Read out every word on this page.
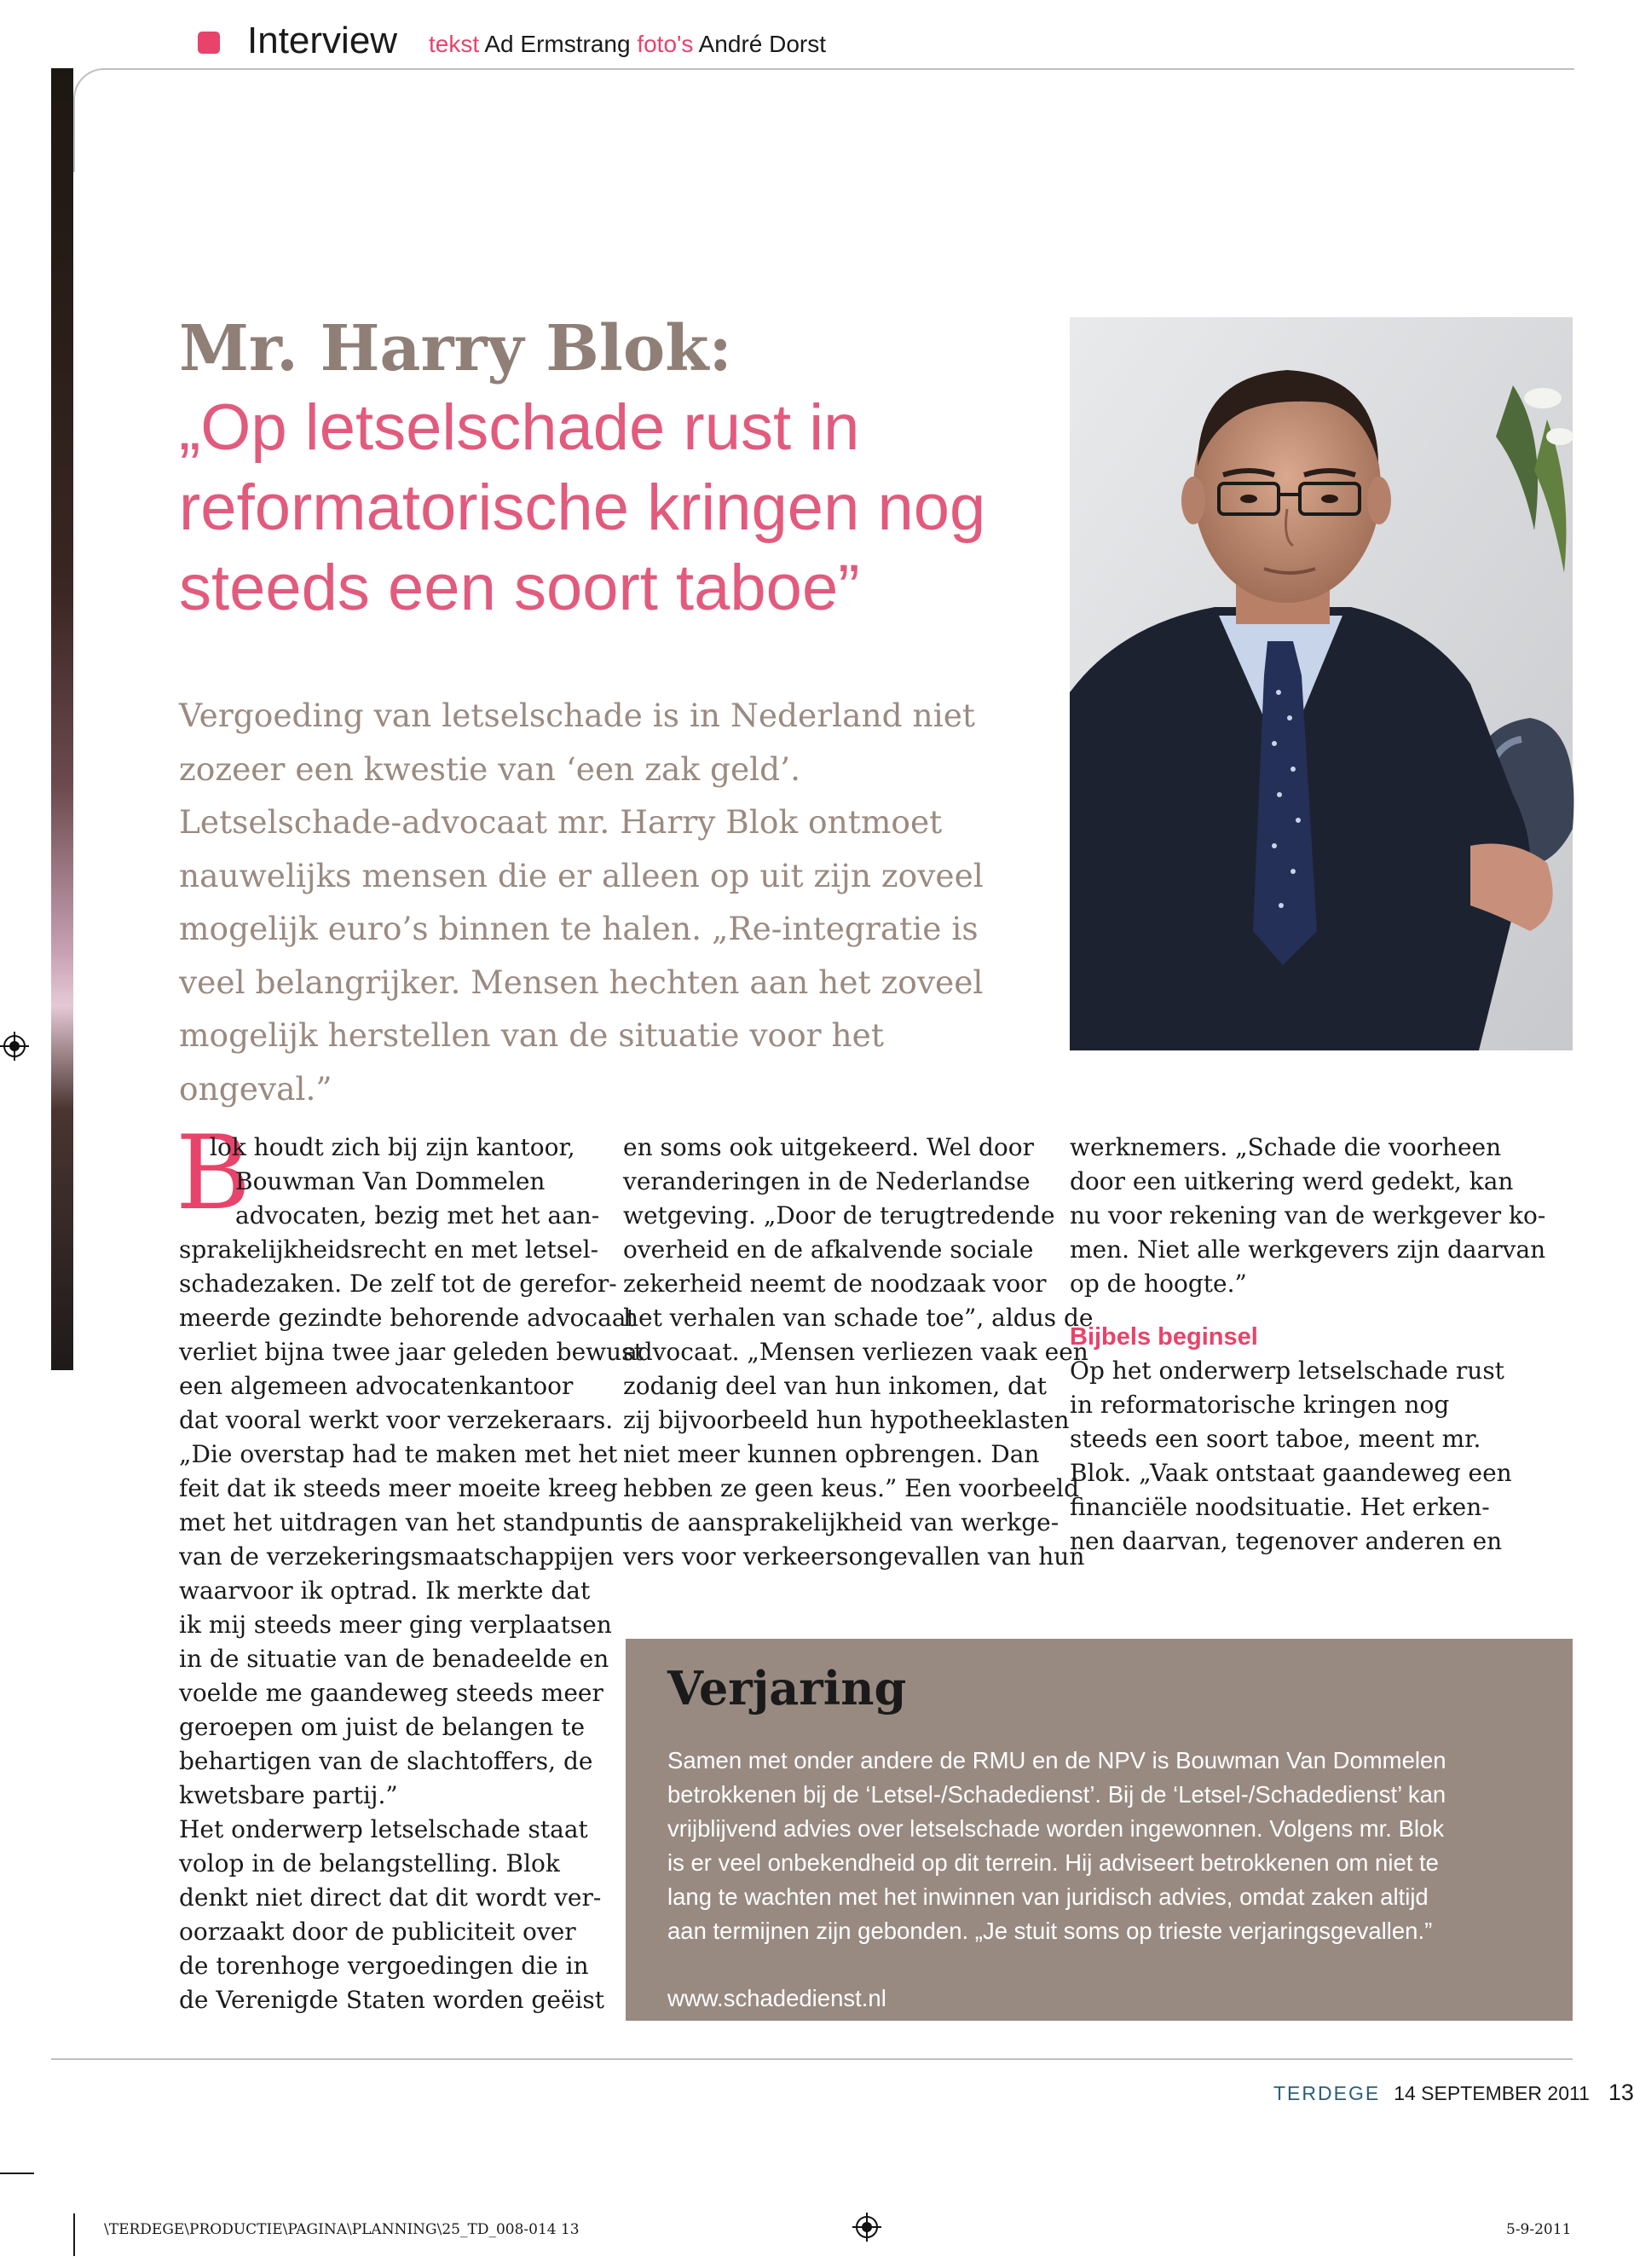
Interview tekst Ad Ermstrang foto's André Dorst
Mr. Harry Blok:
„Op letselschade rust in reformatorische kringen nog steeds een soort taboe”
Vergoeding van letselschade is in Nederland niet zozeer een kwestie van ‘een zak geld’. Letselschade-advocaat mr. Harry Blok ontmoet nauwelijks mensen die er alleen op uit zijn zoveel mogelijk euro’s binnen te halen. „Re-integratie is veel belangrijker. Mensen hechten aan het zoveel mogelijk herstellen van de situatie voor het ongeval.”
B

lok houdt zich bij zijn kantoor,

Bouwman Van Dommelen

advocaten, bezig met het aan-

sprakelijkheidsrecht en met letsel-

schadezaken. De zelf tot de gerefor-

meerde gezindte behorende advocaat

verliet bijna twee jaar geleden bewust

een algemeen advocatenkantoor

dat vooral werkt voor verzekeraars.

„Die overstap had te maken met het

feit dat ik steeds meer moeite kreeg

met het uitdragen van het standpunt

van de verzekeringsmaatschappijen

waarvoor ik optrad. Ik merkte dat

ik mij steeds meer ging verplaatsen

in de situatie van de benadeelde en

voelde me gaandeweg steeds meer

geroepen om juist de belangen te

behartigen van de slachtoffers, de

kwetsbare partij.”

Het onderwerp letselschade staat

volop in de belangstelling. Blok

denkt niet direct dat dit wordt ver-

oorzaakt door de publiciteit over

de torenhoge vergoedingen die in

de Verenigde Staten worden geëist

en soms ook uitgekeerd. Wel door

veranderingen in de Nederlandse

wetgeving. „Door de terugtredende

overheid en de afkalvende sociale

zekerheid neemt de noodzaak voor

het verhalen van schade toe”, aldus de

advocaat. „Mensen verliezen vaak een

zodanig deel van hun inkomen, dat

zij bijvoorbeeld hun hypotheeklasten

niet meer kunnen opbrengen. Dan

hebben ze geen keus.” Een voorbeeld

is de aansprakelijkheid van werkge-

vers voor verkeersongevallen van hun

werknemers. „Schade die voorheen

door een uitkering werd gedekt, kan

nu voor rekening van de werkgever ko-

men. Niet alle werkgevers zijn daarvan

op de hoogte.”

Bijbels beginsel

Op het onderwerp letselschade rust

in reformatorische kringen nog

steeds een soort taboe, meent mr.

Blok. „Vaak ontstaat gaandeweg een

financiële noodsituatie. Het erken-

nen daarvan, tegenover anderen en

Verjaring

Samen met onder andere de RMU en de NPV is Bouwman Van Dommelen

betrokkenen bij de ‘Letsel-/Schadedienst’. Bij de ‘Letsel-/Schadedienst’ kan

vrijblijvend advies over letselschade worden ingewonnen. Volgens mr. Blok

is er veel onbekendheid op dit terrein. Hij adviseert betrokkenen om niet te

lang te wachten met het inwinnen van juridisch advies, omdat zaken altijd

aan termijnen zijn gebonden. „Je stuit soms op trieste verjaringsgevallen.”

www.schadedienst.nl
TERDEGE 14 SEPTEMBER 2011 13
\TERDEGE\PRODUCTIE\PAGINA\PLANNING\25_TD_008-014 13	5-9-2011
